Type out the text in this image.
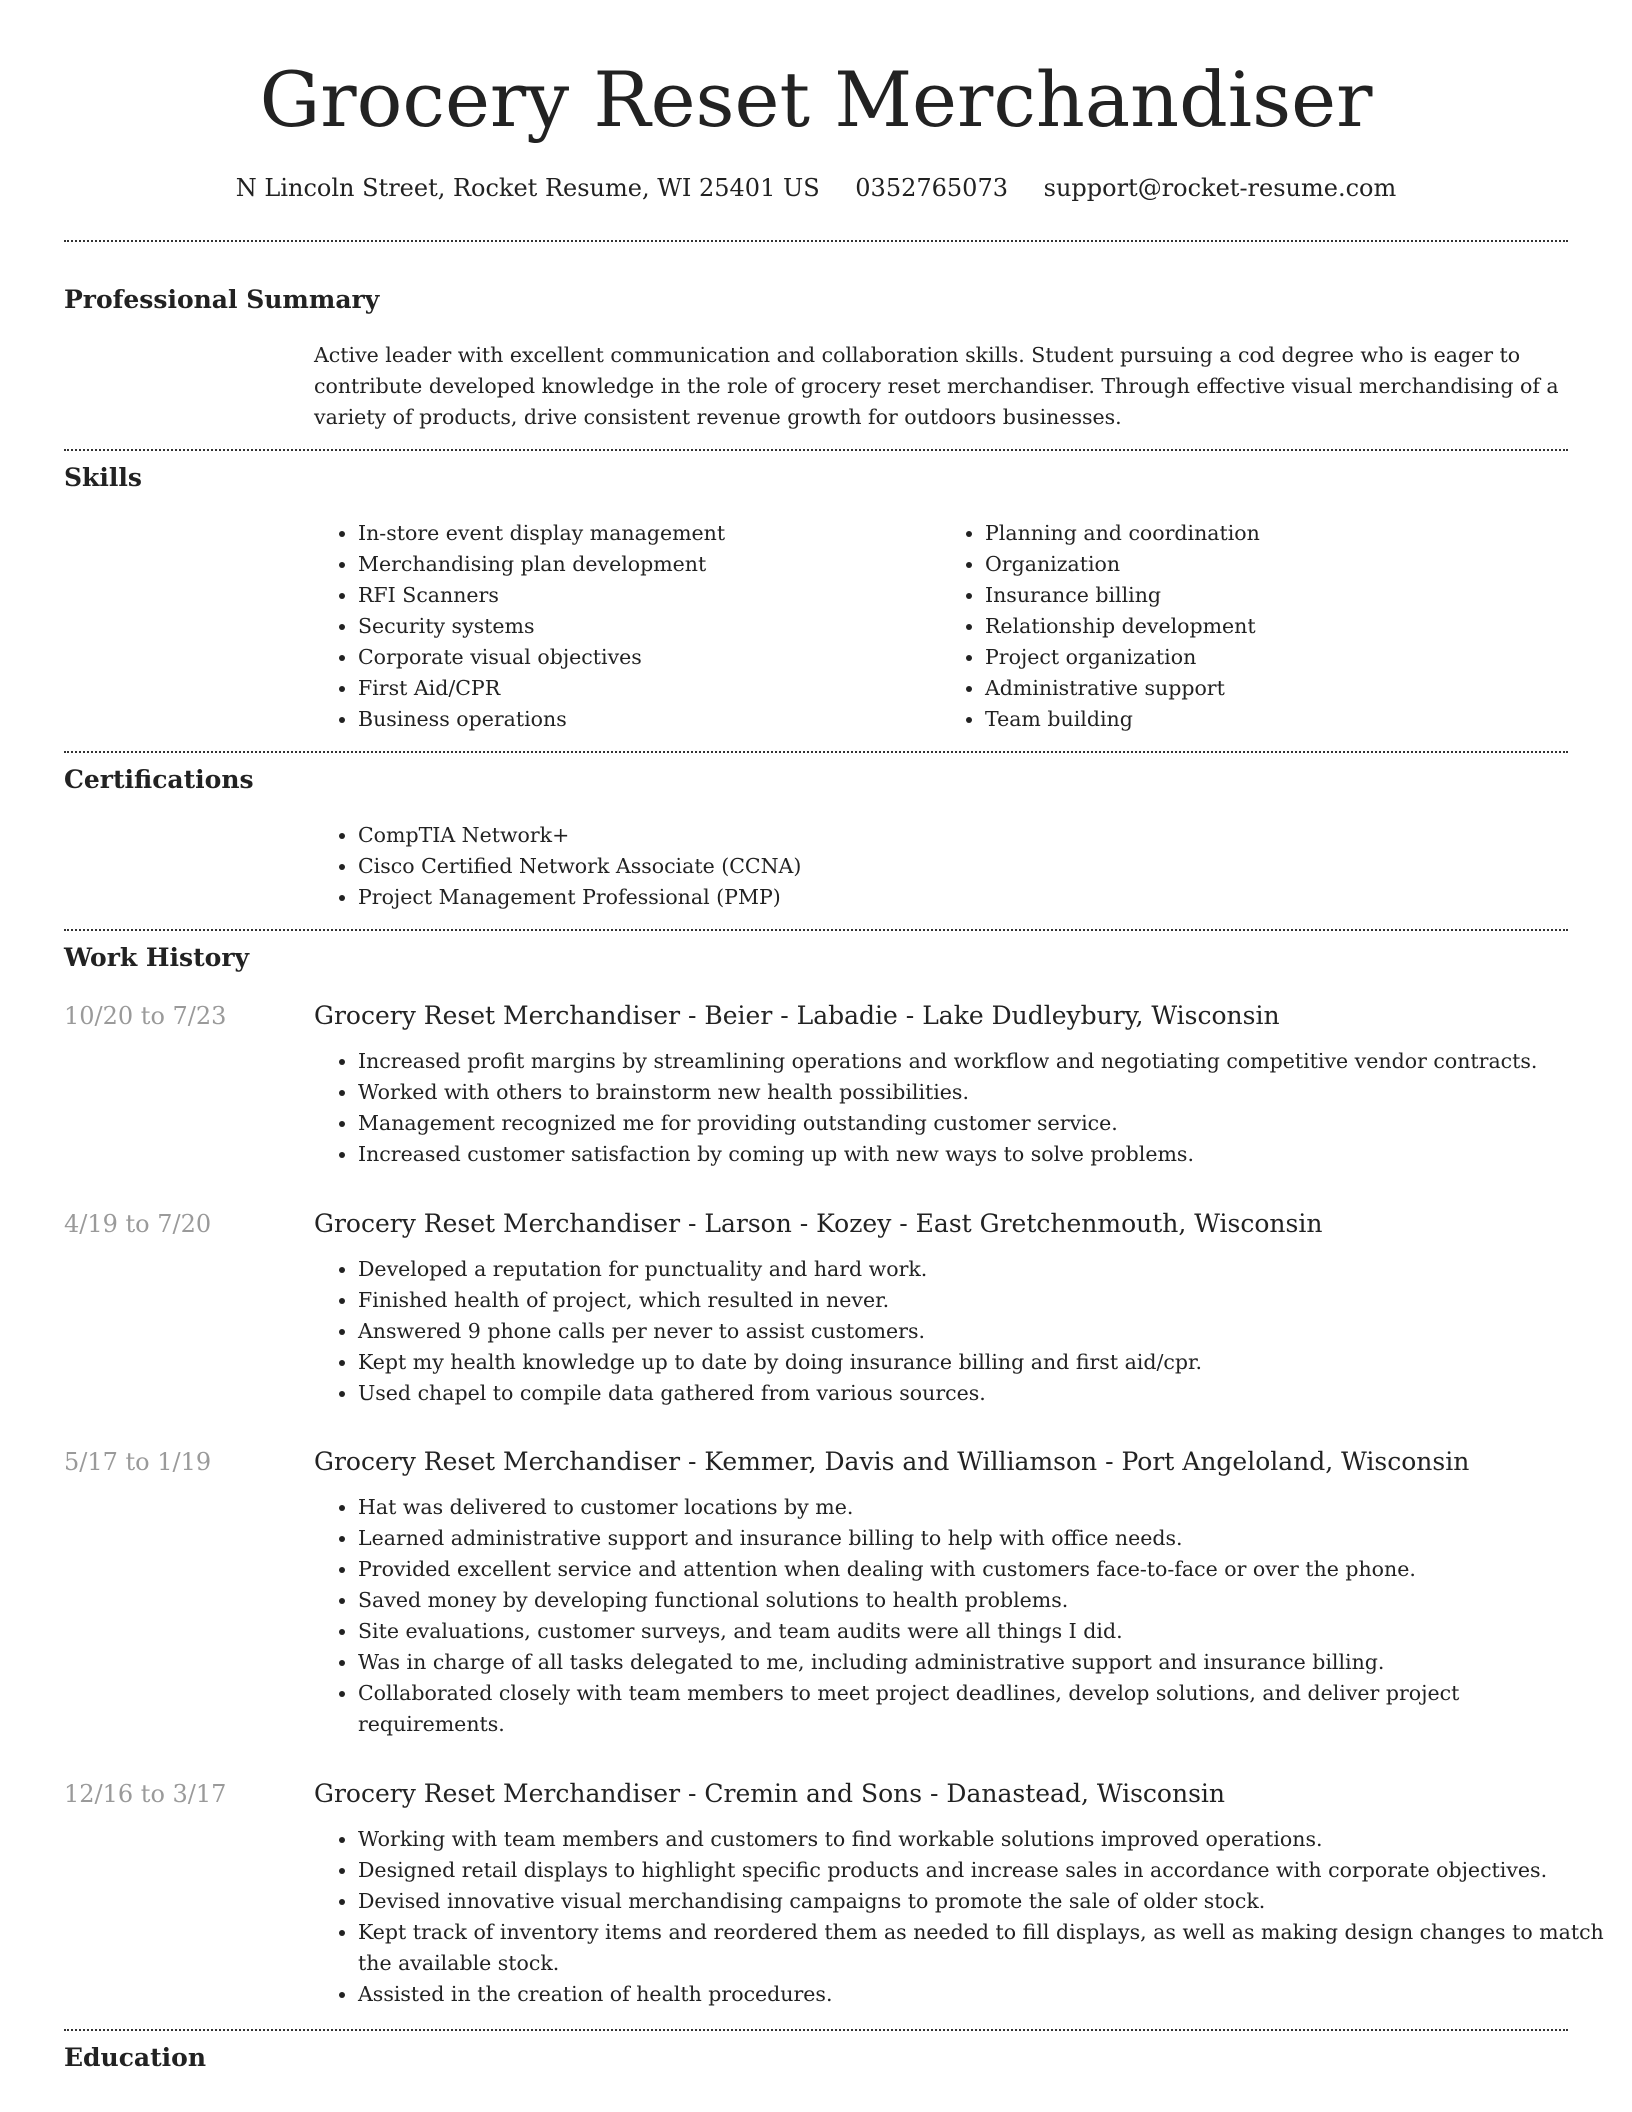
Grocery Reset Merchandiser
N Lincoln Street, Rocket Resume, WI 25401 US 0352765073 support@rocket-resume.com
Professional Summary

Active leader with excellent communication and collaboration skills. Student pursuing a cod degree who is eager to contribute developed knowledge in the role of grocery reset merchandiser. Through effective visual merchandising of a variety of products, drive consistent revenue growth for outdoors businesses.

Skills
• In-store event display management
• Merchandising plan development
• RFI Scanners
• Security systems
• Corporate visual objectives
• First Aid/CPR
• Business operations
• Planning and coordination
• Organization
• Insurance billing
• Relationship development
• Project organization
• Administrative support
• Team building
Certifications
• CompTIA Network+
• Cisco Certified Network Associate (CCNA)
• Project Management Professional (PMP)
Work History
10/20 to 7/23	Grocery Reset Merchandiser - Beier - Labadie - Lake Dudleybury, Wisconsin
• Increased profit margins by streamlining operations and workflow and negotiating competitive vendor contracts.
• Worked with others to brainstorm new health possibilities.
• Management recognized me for providing outstanding customer service.
• Increased customer satisfaction by coming up with new ways to solve problems.
4/19 to 7/20	Grocery Reset Merchandiser - Larson - Kozey - East Gretchenmouth, Wisconsin
• Developed a reputation for punctuality and hard work.
• Finished health of project, which resulted in never.
• Answered 9 phone calls per never to assist customers.
• Kept my health knowledge up to date by doing insurance billing and first aid/cpr.
• Used chapel to compile data gathered from various sources.
5/17 to 1/19	Grocery Reset Merchandiser - Kemmer, Davis and Williamson - Port Angeloland, Wisconsin
• Hat was delivered to customer locations by me.
• Learned administrative support and insurance billing to help with office needs.
• Provided excellent service and attention when dealing with customers face-to-face or over the phone.
• Saved money by developing functional solutions to health problems.
• Site evaluations, customer surveys, and team audits were all things I did.
• Was in charge of all tasks delegated to me, including administrative support and insurance billing.
• Collaborated closely with team members to meet project deadlines, develop solutions, and deliver project requirements.
12/16 to 3/17	Grocery Reset Merchandiser - Cremin and Sons - Danastead, Wisconsin
• Working with team members and customers to find workable solutions improved operations.
• Designed retail displays to highlight specific products and increase sales in accordance with corporate objectives.
• Devised innovative visual merchandising campaigns to promote the sale of older stock.
• Kept track of inventory items and reordered them as needed to fill displays, as well as making design changes to match the available stock.
• Assisted in the creation of health procedures.
Education
